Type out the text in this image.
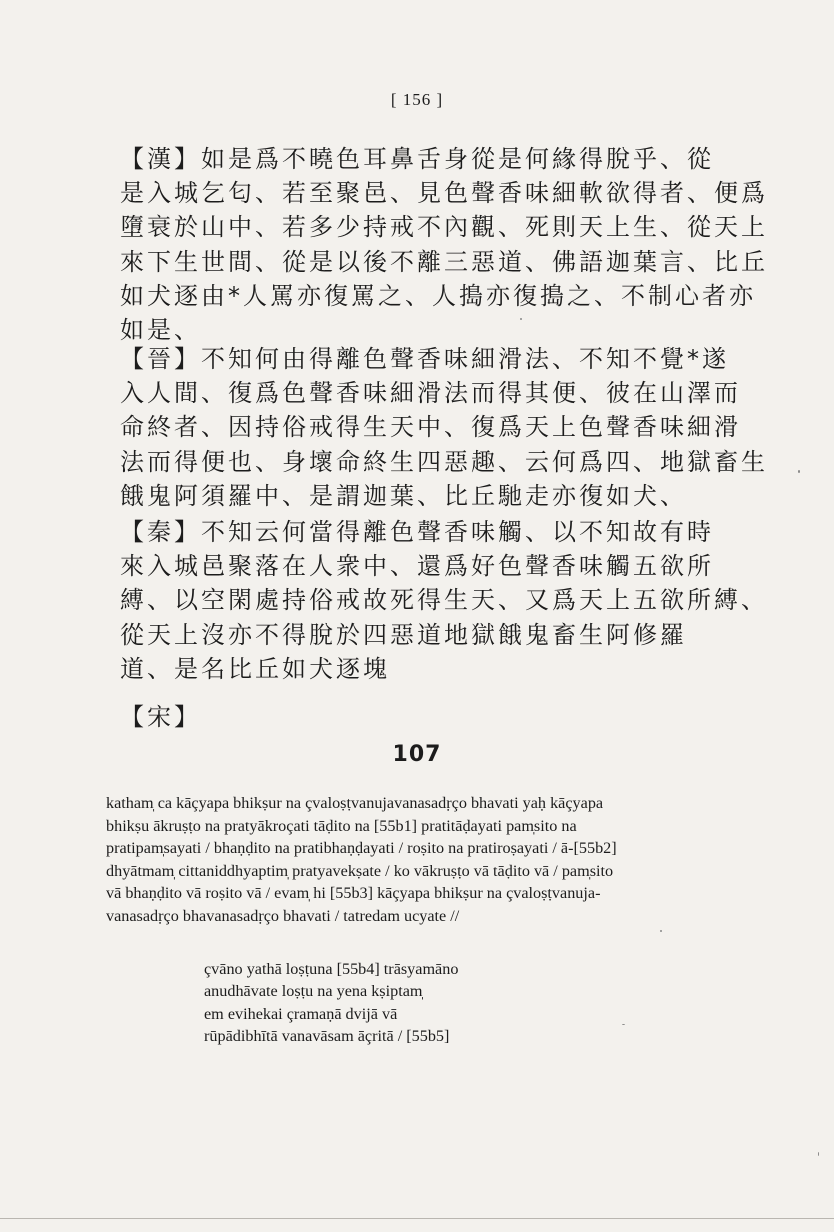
[ 156 ]
【漢】如是爲不曉色耳鼻舌身從是何緣得脫乎、從
是入城乞匂、若至聚邑、見色聲香味細軟欲得者、便爲
墮衰於山中、若多少持戒不內觀、死則天上生、從天上
來下生世間、從是以後不離三惡道、佛語迦葉言、比丘
如犬逐由*人罵亦復罵之、人搗亦復搗之、不制心者亦
如是、
【晉】不知何由得離色聲香味細滑法、不知不覺*遂
入人間、復爲色聲香味細滑法而得其便、彼在山澤而
命終者、因持俗戒得生天中、復爲天上色聲香味細滑
法而得便也、身壞命終生四惡趣、云何爲四、地獄畜生
餓鬼阿須羅中、是謂迦葉、比丘馳走亦復如犬、
【秦】不知云何當得離色聲香味觸、以不知故有時
來入城邑聚落在人衆中、還爲好色聲香味觸五欲所
縛、以空閑處持俗戒故死得生天、又爲天上五欲所縛、
從天上沒亦不得脫於四惡道地獄餓鬼畜生阿修羅
道、是名比丘如犬逐塊
【宋】
107
katham̩ ca kāçyapa bhikṣur na çvaloṣṭvanujavanasadṛço bhavati yaḥ kāçyapa
bhikṣu ākruṣṭo na pratyākroçati tāḍito na [55b1] pratitāḍayati pam̩sito na
pratipam̩sayati / bhaṇḍito na pratibhaṇḍayati / roṣito na pratiroṣayati / ā-[55b2]
dhyātmam̩ cittaniddhyaptim̩ pratyavekṣate / ko vākruṣṭo vā tāḍito vā / pam̩sito
vā bhaṇḍito vā roṣito vā / evam̩ hi [55b3] kāçyapa bhikṣur na çvaloṣṭvanuja-
vanasadṛço bhavanasadṛço bhavati / tatredam ucyate //
çvāno yathā loṣṭuna [55b4] trāsyamāno
anudhāvate loṣṭu na yena kṣiptam̩
em evihekai çramaṇā dvijā vā
rūpādibhītā vanavāsam āçritā / [55b5]
